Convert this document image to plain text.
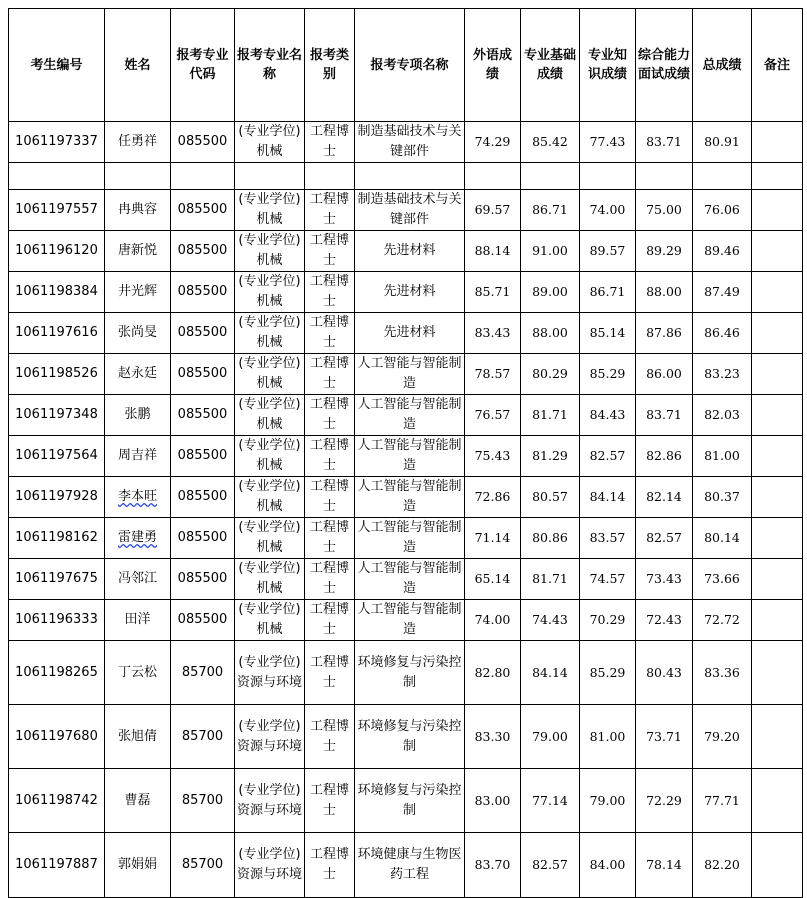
考生编号	姓名	报考专业代码	报考专业名称	报考类别	报考专项名称	外语成绩	专业基础成绩	专业知识成绩	综合能力面试成绩	总成绩	备注
1061197337	任勇祥	085500	(专业学位)机械	工程博士	制造基础技术与关键部件	74.29	85.42	77.43	83.71	80.91	

1061197557	冉典容	085500	(专业学位)机械	工程博士	制造基础技术与关键部件	69.57	86.71	74.00	75.00	76.06	
1061196120	唐新悦	085500	(专业学位)机械	工程博士	先进材料	88.14	91.00	89.57	89.29	89.46	
1061198384	井光辉	085500	(专业学位)机械	工程博士	先进材料	85.71	89.00	86.71	88.00	87.49	
1061197616	张尚旻	085500	(专业学位)机械	工程博士	先进材料	83.43	88.00	85.14	87.86	86.46	
1061198526	赵永廷	085500	(专业学位)机械	工程博士	人工智能与智能制造	78.57	80.29	85.29	86.00	83.23	
1061197348	张鹏	085500	(专业学位)机械	工程博士	人工智能与智能制造	76.57	81.71	84.43	83.71	82.03	
1061197564	周吉祥	085500	(专业学位)机械	工程博士	人工智能与智能制造	75.43	81.29	82.57	82.86	81.00	
1061197928	李本旺	085500	(专业学位)机械	工程博士	人工智能与智能制造	72.86	80.57	84.14	82.14	80.37	
1061198162	雷建勇	085500	(专业学位)机械	工程博士	人工智能与智能制造	71.14	80.86	83.57	82.57	80.14	
1061197675	冯邻江	085500	(专业学位)机械	工程博士	人工智能与智能制造	65.14	81.71	74.57	73.43	73.66	
1061196333	田洋	085500	(专业学位)机械	工程博士	人工智能与智能制造	74.00	74.43	70.29	72.43	72.72	
1061198265	丁云松	85700	(专业学位)资源与环境	工程博士	环境修复与污染控制	82.80	84.14	85.29	80.43	83.36	
1061197680	张旭倩	85700	(专业学位)资源与环境	工程博士	环境修复与污染控制	83.30	79.00	81.00	73.71	79.20	
1061198742	曹磊	85700	(专业学位)资源与环境	工程博士	环境修复与污染控制	83.00	77.14	79.00	72.29	77.71	
1061197887	郭娟娟	85700	(专业学位)资源与环境	工程博士	环境健康与生物医药工程	83.70	82.57	84.00	78.14	82.20	
